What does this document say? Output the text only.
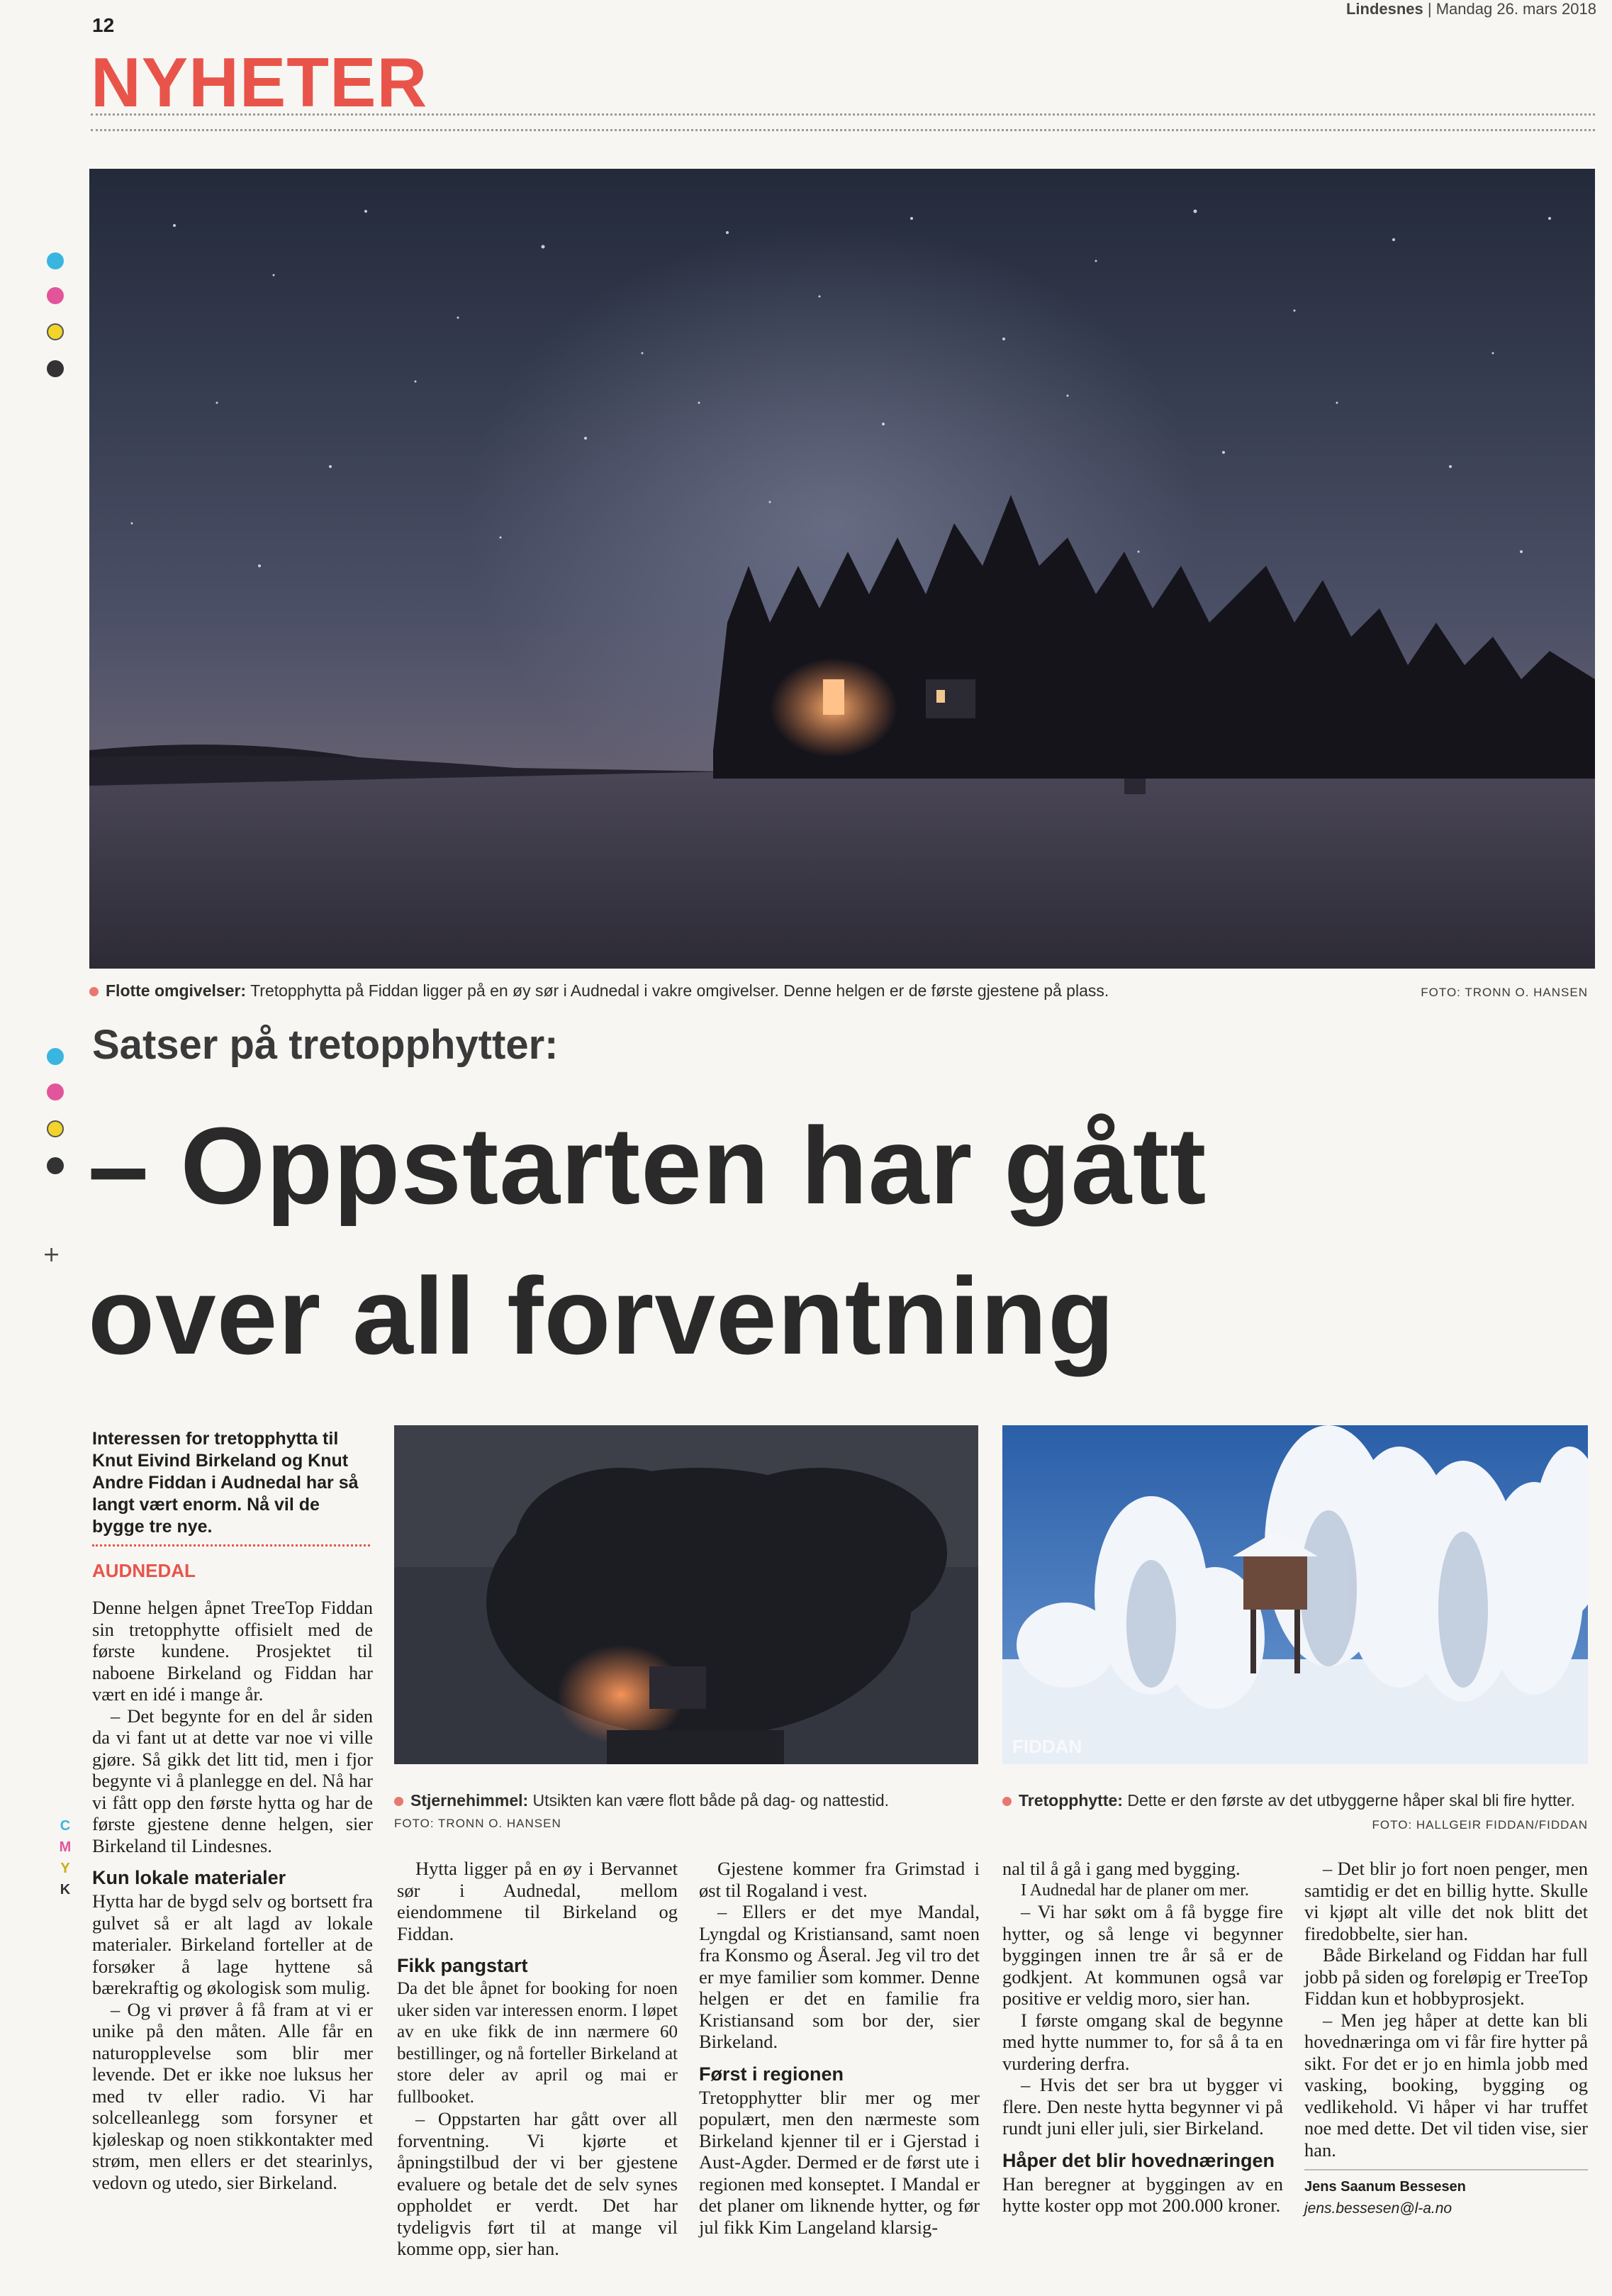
12
Lindesnes | Mandag 26. mars 2018
NYHETER
+
C
M
Y
K
Flotte omgivelser: Tretopphytta på Fiddan ligger på en øy sør i Audnedal i vakre omgivelser. Denne helgen er de første gjestene på plass.	FOTO: TRONN O. HANSEN
Satser på tretopphytter:
– Oppstarten har gått
over all forventning
Interessen for tretopphytta til Knut Eivind Birkeland og Knut Andre Fiddan i Audnedal har så langt vært enorm. Nå vil de bygge tre nye.
AUDNEDAL
Stjernehimmel: Utsikten kan være flott både på dag- og nattestid.
FOTO: TRONN O. HANSEN
FIDDAN
Tretopphytte: Dette er den første av det utbyggerne håper skal bli fire hytter.
FOTO: HALLGEIR FIDDAN/FIDDAN

Denne helgen åpnet TreeTop Fiddan sin tretopphytte offisielt med de første kundene. Prosjektet til naboene Birkeland og Fiddan har vært en idé i mange år.

– Det begynte for en del år siden da vi fant ut at dette var noe vi ville gjøre. Så gikk det litt tid, men i fjor begynte vi å planlegge en del. Nå har vi fått opp den første hytta og har de første gjestene denne helgen, sier Birkeland til Lindesnes.

Kun lokale materialer

Hytta har de bygd selv og bortsett fra gulvet så er alt lagd av lokale materialer. Birkeland forteller at de forsøker å lage hyttene så bærekraftig og økologisk som mulig.

– Og vi prøver å få fram at vi er unike på den måten. Alle får en naturopplevelse som blir mer levende. Det er ikke noe luksus her med tv eller radio. Vi har solcelleanlegg som forsyner et kjøleskap og noen stikkontakter med strøm, men ellers er det stearinlys, vedovn og utedo, sier Birkeland.

Hytta ligger på en øy i Bervannet sør i Audnedal, mellom eiendommene til Birkeland og Fiddan.

Fikk pangstart

Da det ble åpnet for booking for noen uker siden var interessen enorm. I løpet av en uke fikk de inn nærmere 60 bestillinger, og nå forteller Birkeland at store deler av april og mai er fullbooket.

– Oppstarten har gått over all forventning. Vi kjørte et åpningstilbud der vi ber gjestene evaluere og betale det de selv synes oppholdet er verdt. Det har tydeligvis ført til at mange vil komme opp, sier han.

Gjestene kommer fra Grimstad i øst til Rogaland i vest.

– Ellers er det mye Mandal, Lyngdal og Kristiansand, samt noen fra Konsmo og Åseral. Jeg vil tro det er mye familier som kommer. Denne helgen er det en familie fra Kristiansand som bor der, sier Birkeland.

Først i regionen

Tretopphytter blir mer og mer populært, men den nærmeste som Birkeland kjenner til er i Gjerstad i Aust-Agder. Dermed er de først ute i regionen med konseptet. I Mandal er det planer om liknende hytter, og før jul fikk Kim Langeland klarsig-

nal til å gå i gang med bygging.

I Audnedal har de planer om mer.

– Vi har søkt om å få bygge fire hytter, og så lenge vi begynner byggingen innen tre år så er de godkjent. At kommunen også var positive er veldig moro, sier han.

I første omgang skal de begynne med hytte nummer to, for så å ta en vurdering derfra.

– Hvis det ser bra ut bygger vi flere. Den neste hytta begynner vi på rundt juni eller juli, sier Birkeland.

Håper det blir hovednæringen

Han beregner at byggingen av en hytte koster opp mot 200.000 kroner.

– Det blir jo fort noen penger, men samtidig er det en billig hytte. Skulle vi kjøpt alt ville det nok blitt det firedobbelte, sier han.

Både Birkeland og Fiddan har full jobb på siden og foreløpig er TreeTop Fiddan kun et hobbyprosjekt.

– Men jeg håper at dette kan bli hovednæringa om vi får fire hytter på sikt. For det er jo en himla jobb med vasking, booking, bygging og vedlikehold. Vi håper vi har truffet noe med dette. Det vil tiden vise, sier han.

Jens Saanum Bessesen
jens.bessesen@l-a.no
